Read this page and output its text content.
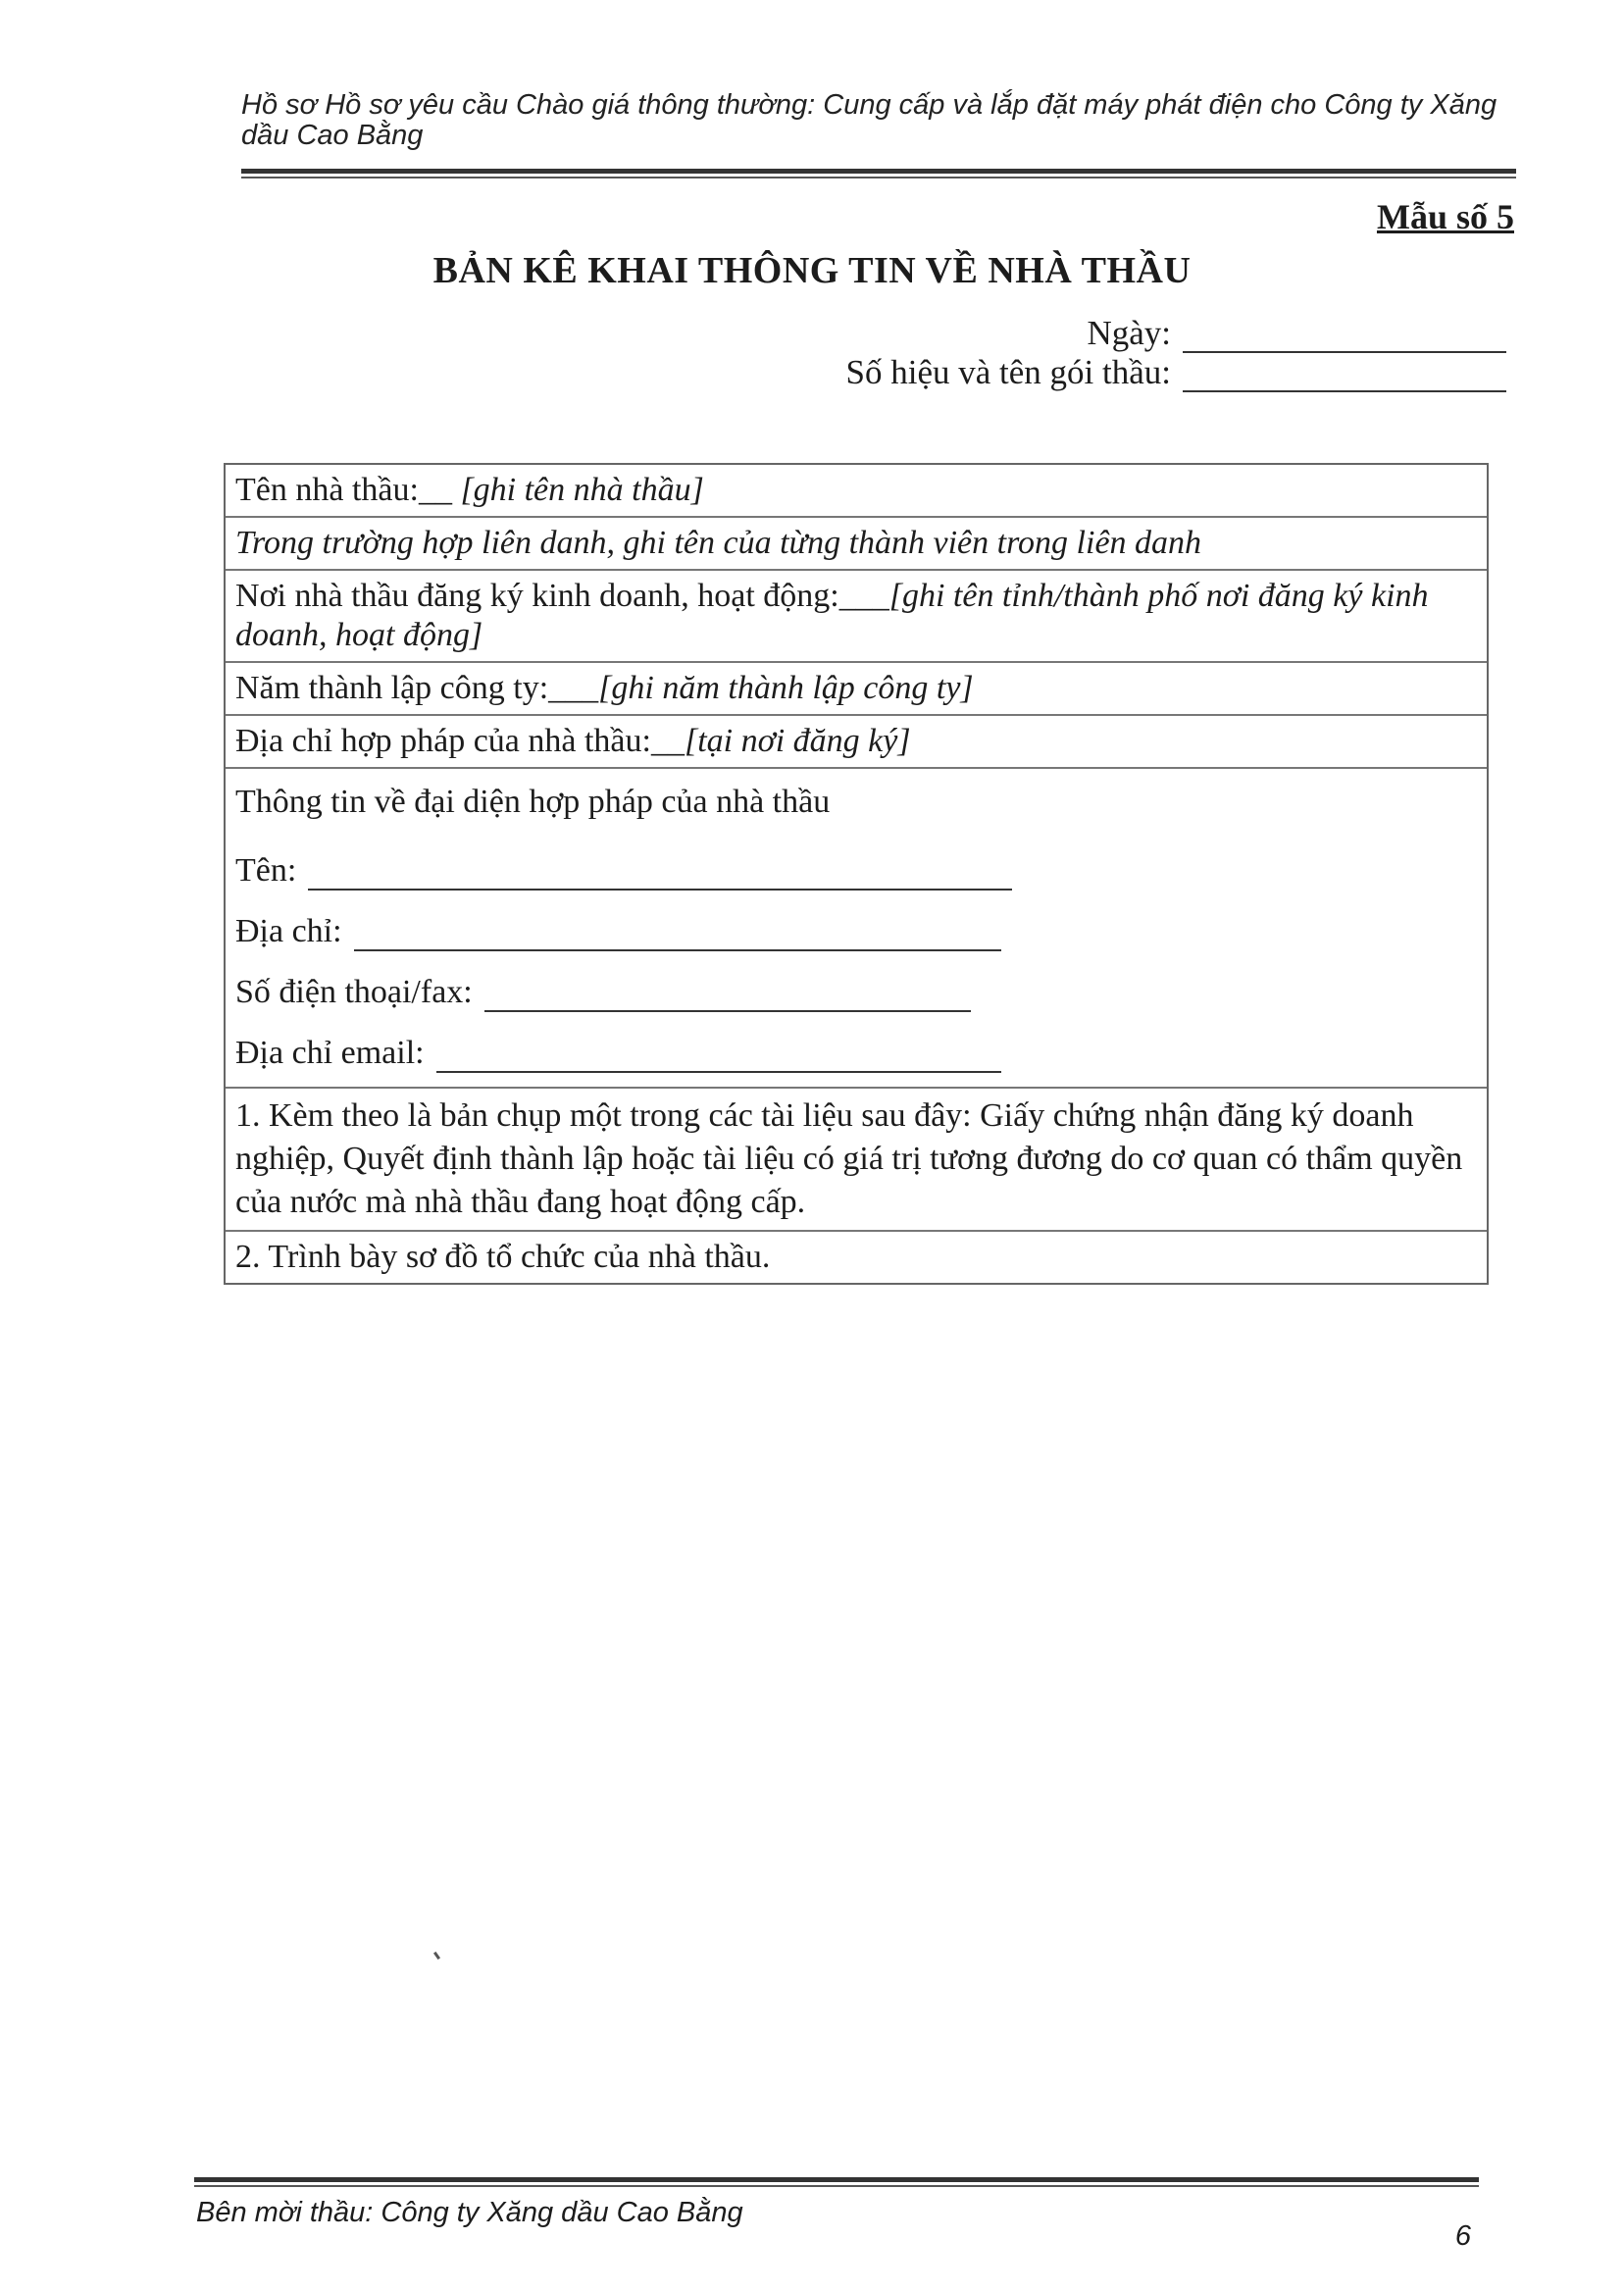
Hồ sơ Hồ sơ yêu cầu Chào giá thông thường: Cung cấp và lắp đặt máy phát điện cho Công ty Xăng dầu Cao Bằng
Mẫu số 5
BẢN KÊ KHAI THÔNG TIN VỀ NHÀ THẦU
Ngày:
Số hiệu và tên gói thầu:
Tên nhà thầu:__ [ghi tên nhà thầu]
Trong trường hợp liên danh, ghi tên của từng thành viên trong liên danh
Nơi nhà thầu đăng ký kinh doanh, hoạt động:___[ghi tên tỉnh/thành phố nơi đăng ký kinh doanh, hoạt động]
Năm thành lập công ty:___[ghi năm thành lập công ty]
Địa chỉ hợp pháp của nhà thầu:__[tại nơi đăng ký]
Thông tin về đại diện hợp pháp của nhà thầu
Tên:
Địa chỉ:
Số điện thoại/fax:
Địa chỉ email:
1. Kèm theo là bản chụp một trong các tài liệu sau đây: Giấy chứng nhận đăng ký doanh nghiệp, Quyết định thành lập hoặc tài liệu có giá trị tương đương do cơ quan có thẩm quyền của nước mà nhà thầu đang hoạt động cấp.
2. Trình bày sơ đồ tổ chức của nhà thầu.
Bên mời thầu: Công ty Xăng dầu Cao Bằng
6
